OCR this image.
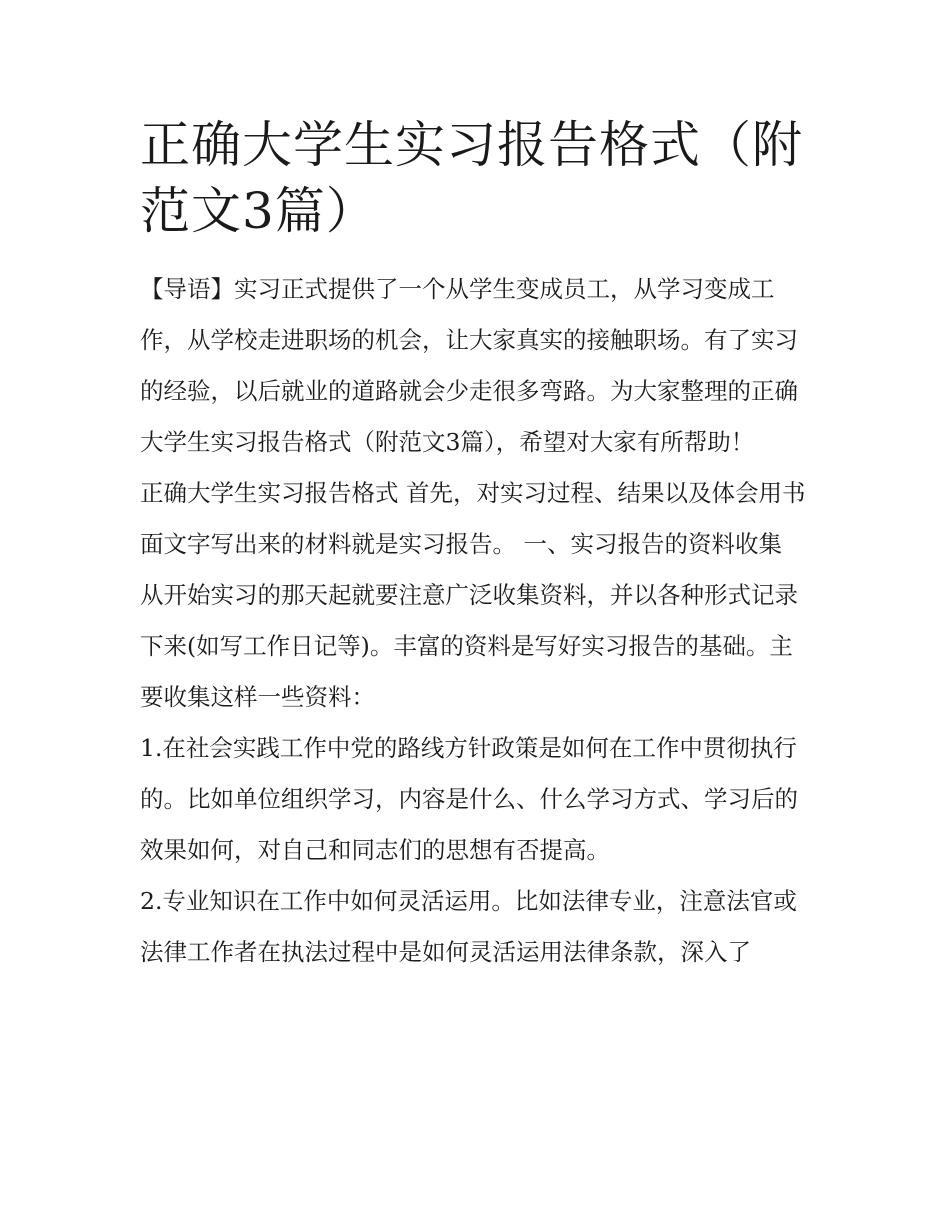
正确大学生实习报告格式（附范文3篇）

【导语】实习正式提供了一个从学生变成员工，从学习变成工作，从学校走进职场的机会，让大家真实的接触职场。有了实习的经验，以后就业的道路就会少走很多弯路。为大家整理的正确大学生实习报告格式（附范文3篇），希望对大家有所帮助！

正确大学生实习报告格式 首先，对实习过程、结果以及体会用书面文字写出来的材料就是实习报告。 一、实习报告的资料收集

从开始实习的那天起就要注意广泛收集资料，并以各种形式记录下来(如写工作日记等)。丰富的资料是写好实习报告的基础。主要收集这样一些资料：

1.在社会实践工作中党的路线方针政策是如何在工作中贯彻执行的。比如单位组织学习，内容是什么、什么学习方式、学习后的效果如何，对自己和同志们的思想有否提高。

2.专业知识在工作中如何灵活运用。比如法律专业，注意法官或法律工作者在执法过程中是如何灵活运用法律条款，深入了
